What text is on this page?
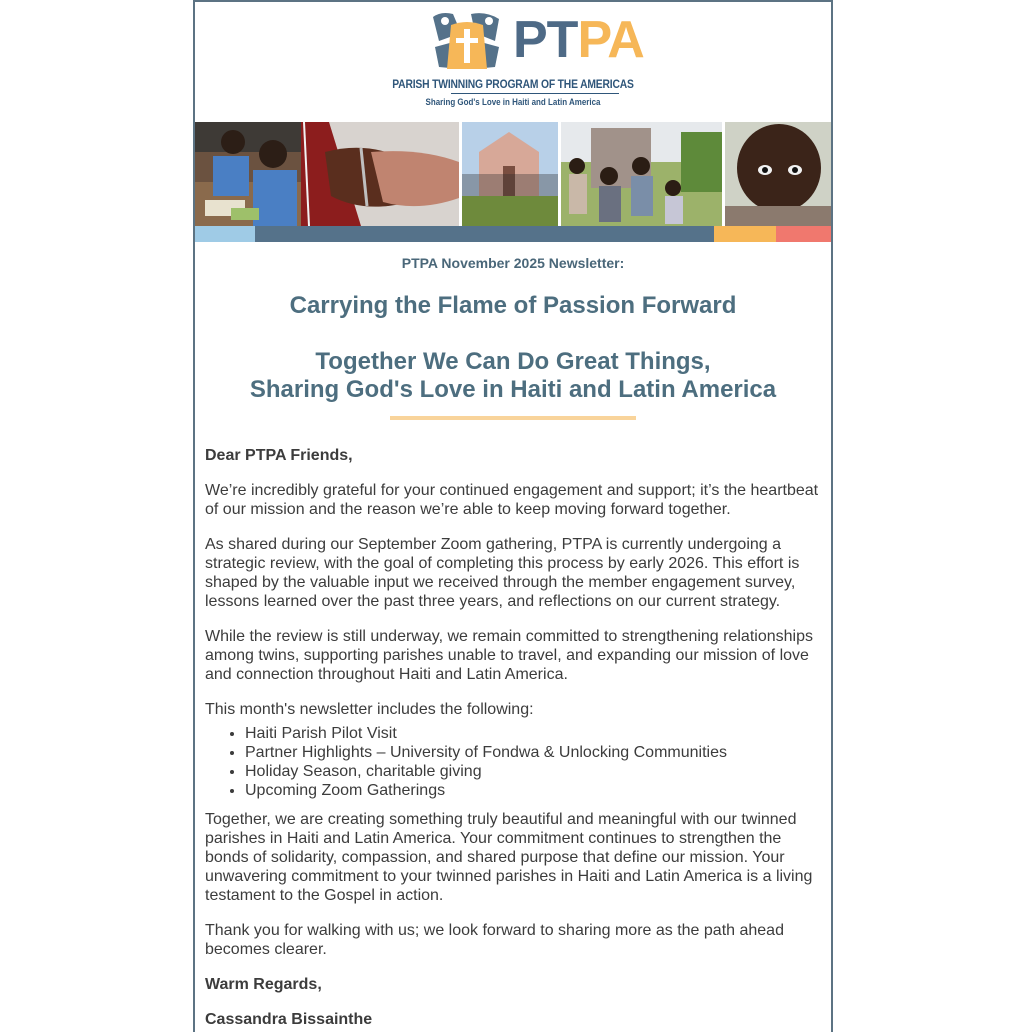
PTPA
PARISH TWINNING PROGRAM OF THE AMERICAS
Sharing God's Love in Haiti and Latin America
PTPA November 2025 Newsletter:
Carrying the Flame of Passion Forward
Together We Can Do Great Things,
Sharing God's Love in Haiti and Latin America
Dear PTPA Friends,
We’re incredibly grateful for your continued engagement and support; it’s the heartbeat of our mission and the reason we’re able to keep moving forward together.
As shared during our September Zoom gathering, PTPA is currently undergoing a strategic review, with the goal of completing this process by early 2026. This effort is shaped by the valuable input we received through the member engagement survey, lessons learned over the past three years, and reflections on our current strategy.
While the review is still underway, we remain committed to strengthening relationships among twins, supporting parishes unable to travel, and expanding our mission of love and connection throughout Haiti and Latin America.
This month's newsletter includes the following:
• Haiti Parish Pilot Visit
• Partner Highlights – University of Fondwa & Unlocking Communities
• Holiday Season, charitable giving
• Upcoming Zoom Gatherings
Together, we are creating something truly beautiful and meaningful with our twinned parishes in Haiti and Latin America. Your commitment continues to strengthen the bonds of solidarity, compassion, and shared purpose that define our mission. Your unwavering commitment to your twinned parishes in Haiti and Latin America is a living testament to the Gospel in action.
Thank you for walking with us; we look forward to sharing more as the path ahead becomes clearer.
Warm Regards,
Cassandra Bissainthe
